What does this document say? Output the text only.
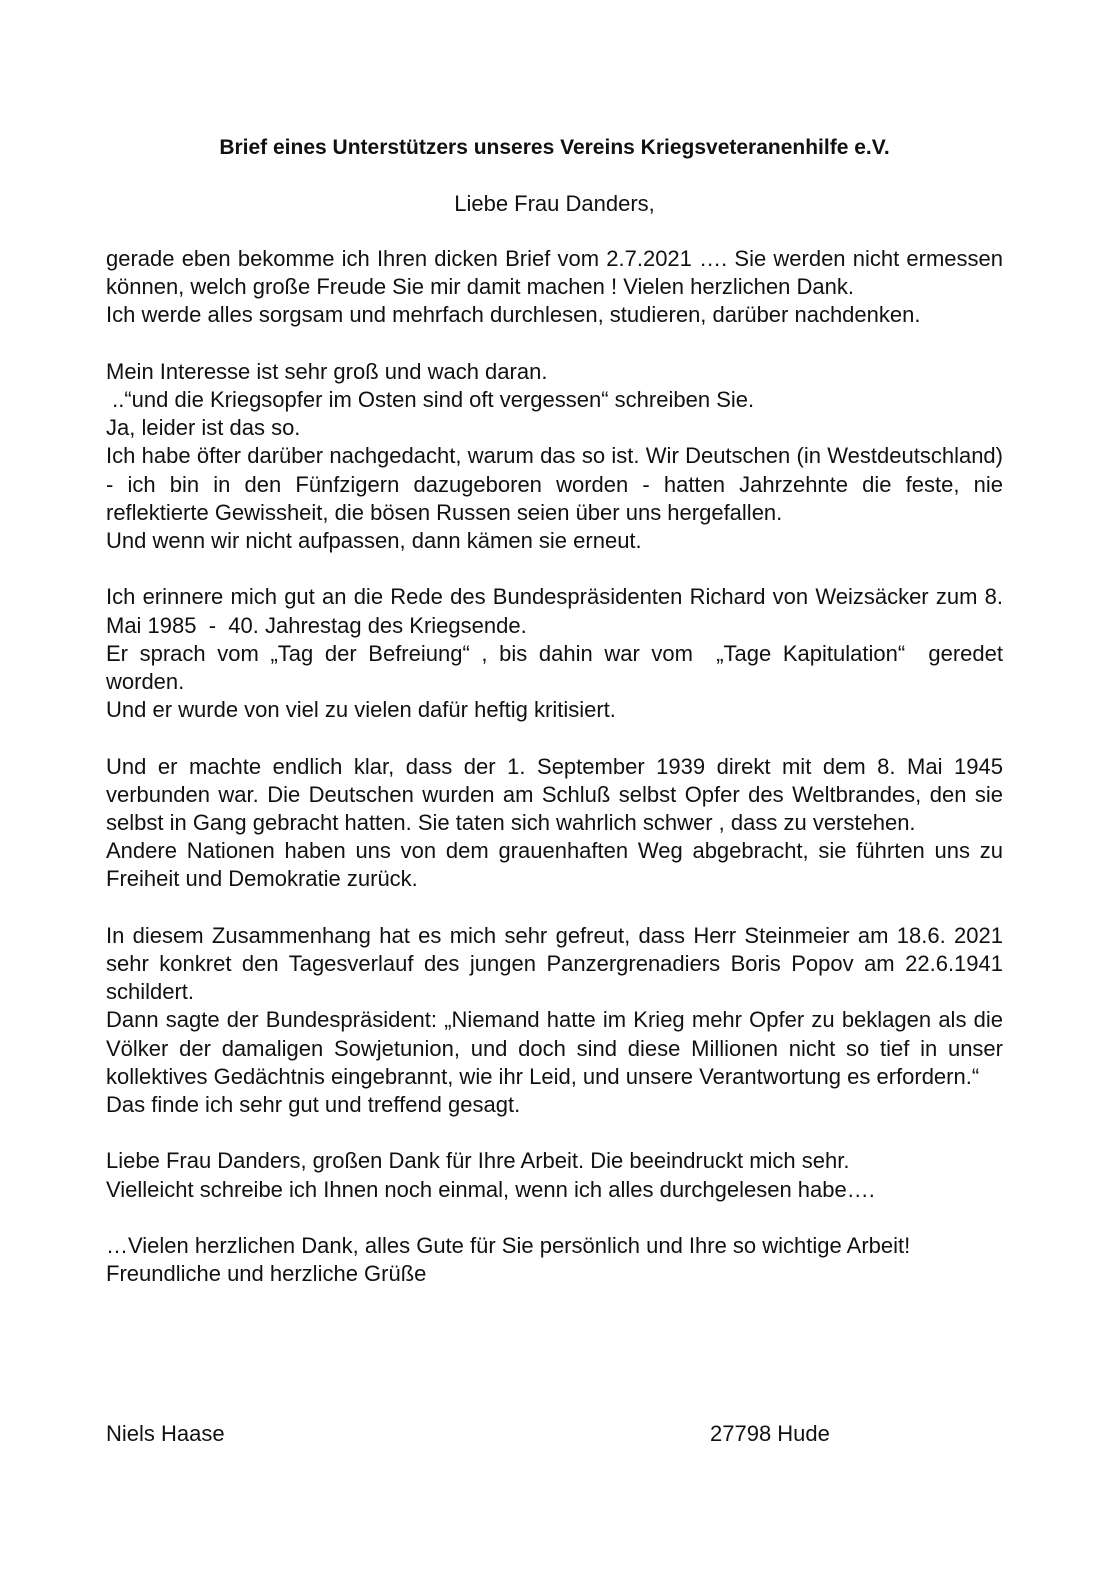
Brief eines Unterstützers unseres Vereins Kriegsveteranenhilfe e.V.

Liebe Frau Danders,

gerade eben bekomme ich Ihren dicken Brief vom 2.7.2021 …. Sie werden nicht ermessen können, welch große Freude Sie mir damit machen ! Vielen herzlichen Dank.

Ich werde alles sorgsam und mehrfach durchlesen, studieren, darüber nachdenken.

Mein Interesse ist sehr groß und wach daran.

..“und die Kriegsopfer im Osten sind oft vergessen“ schreiben Sie.

Ja, leider ist das so.

Ich habe öfter darüber nachgedacht, warum das so ist. Wir Deutschen (in Westdeutschland) - ich bin in den Fünfzigern dazugeboren worden - hatten Jahrzehnte die feste, nie reflektierte Gewissheit, die bösen Russen seien über uns hergefallen.

Und wenn wir nicht aufpassen, dann kämen sie erneut.

Ich erinnere mich gut an die Rede des Bundespräsidenten Richard von Weizsäcker zum 8. Mai 1985  -  40. Jahrestag des Kriegsende.

Er sprach vom „Tag der Befreiung“ , bis dahin war vom  „Tage Kapitulation“  geredet worden.

Und er wurde von viel zu vielen dafür heftig kritisiert.

Und er machte endlich klar, dass der 1. September 1939 direkt mit dem 8. Mai 1945 verbunden war. Die Deutschen wurden am Schluß selbst Opfer des Weltbrandes, den sie selbst in Gang gebracht hatten. Sie taten sich wahrlich schwer , dass zu verstehen.

Andere Nationen haben uns von dem grauenhaften Weg abgebracht, sie führten uns zu Freiheit und Demokratie zurück.

In diesem Zusammenhang hat es mich sehr gefreut, dass Herr Steinmeier am 18.6. 2021 sehr konkret den Tagesverlauf des jungen Panzergrenadiers Boris Popov am 22.6.1941 schildert.

Dann sagte der Bundespräsident: „Niemand hatte im Krieg mehr Opfer zu beklagen als die Völker der damaligen Sowjetunion, und doch sind diese Millionen nicht so tief in unser kollektives Gedächtnis eingebrannt, wie ihr Leid, und unsere Verantwortung es erfordern.“

Das finde ich sehr gut und treffend gesagt.

Liebe Frau Danders, großen Dank für Ihre Arbeit. Die beeindruckt mich sehr.

Vielleicht schreibe ich Ihnen noch einmal, wenn ich alles durchgelesen habe….

…Vielen herzlichen Dank, alles Gute für Sie persönlich und Ihre so wichtige Arbeit!

Freundliche und herzliche Grüße

Niels Haase	27798 Hude
